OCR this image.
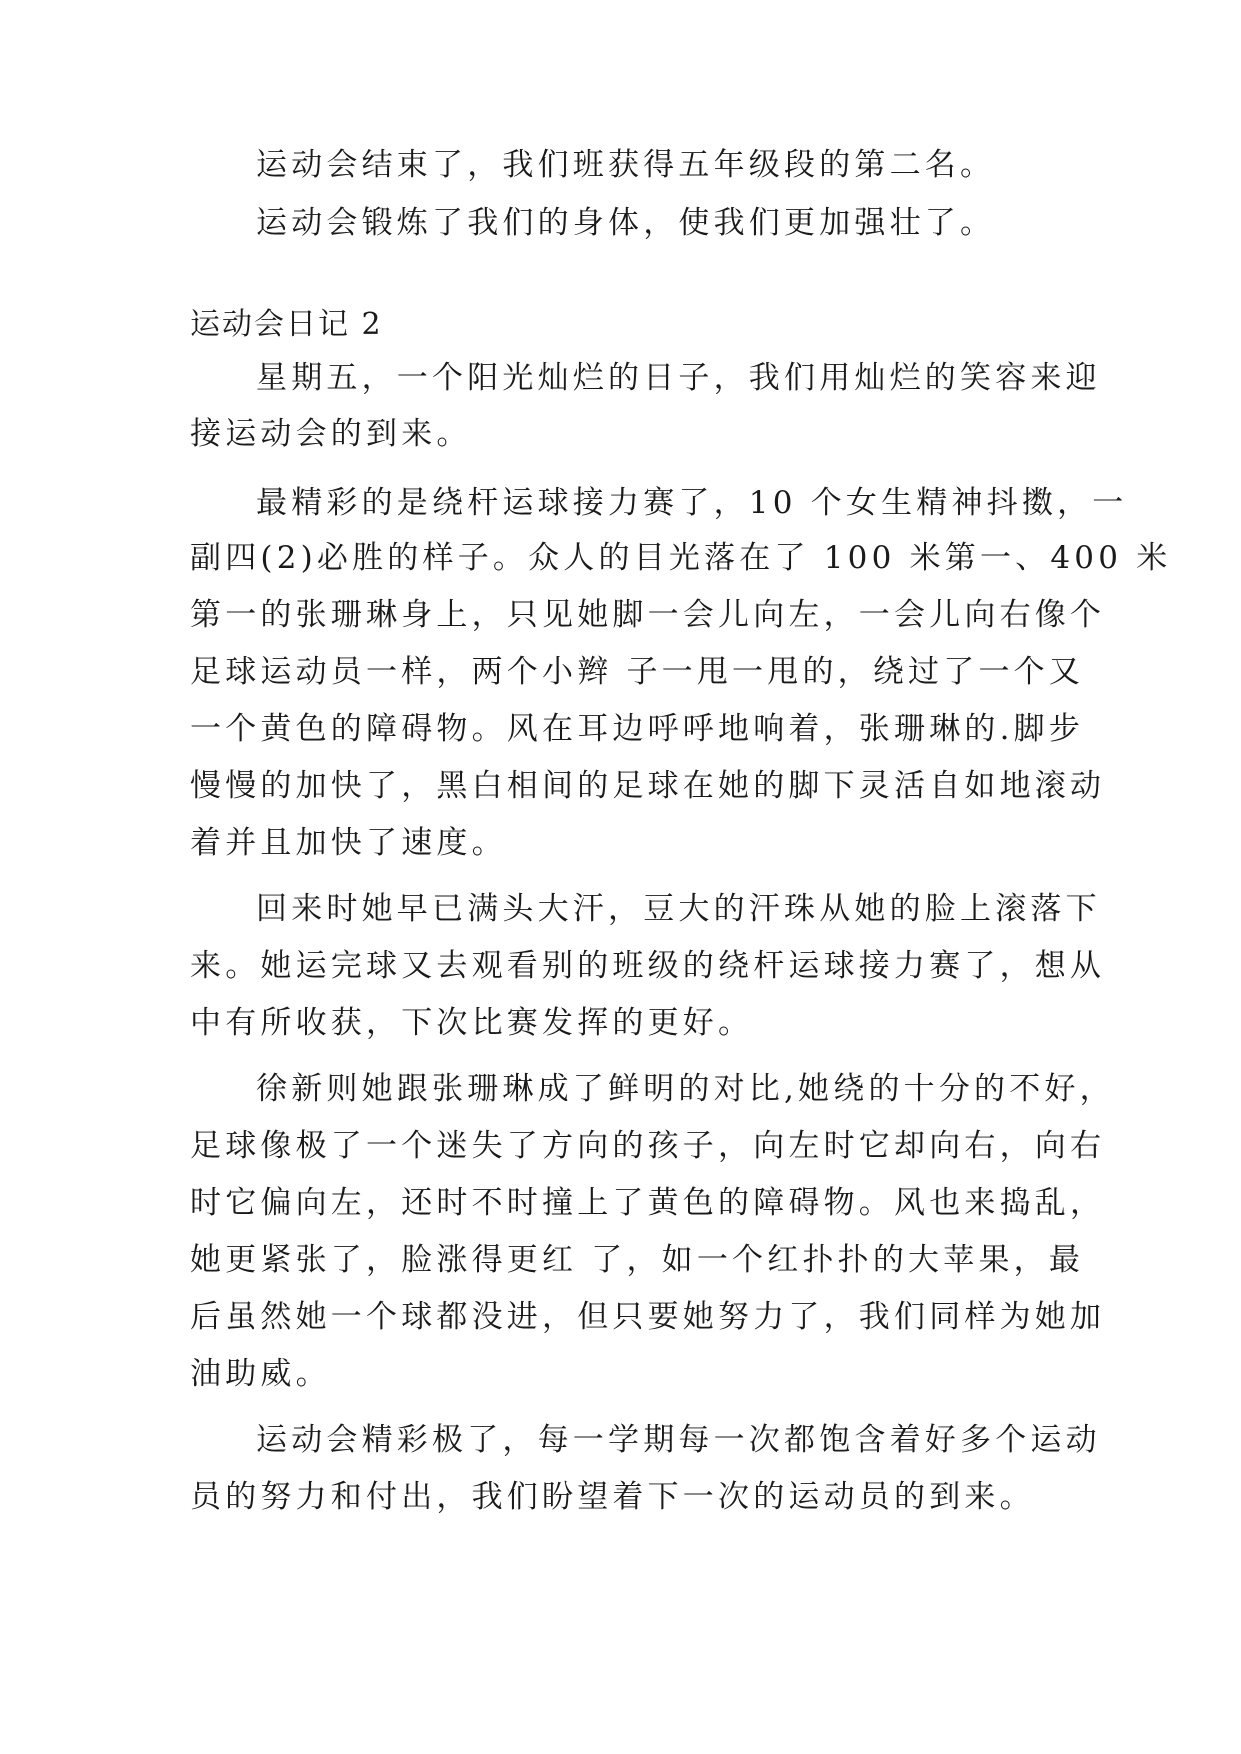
运动会结束了，我们班获得五年级段的第二名。
运动会锻炼了我们的身体，使我们更加强壮了。
运动会日记 2
星期五，一个阳光灿烂的日子，我们用灿烂的笑容来迎
接运动会的到来。
最精彩的是绕杆运球接力赛了，10 个女生精神抖擞，一
副四(2)必胜的样子。众人的目光落在了 100 米第一、400 米
第一的张珊琳身上，只见她脚一会儿向左，一会儿向右像个
足球运动员一样，两个小辫 子一甩一甩的，绕过了一个又
一个黄色的障碍物。风在耳边呼呼地响着，张珊琳的.脚步
慢慢的加快了，黑白相间的足球在她的脚下灵活自如地滚动
着并且加快了速度。
回来时她早已满头大汗，豆大的汗珠从她的脸上滚落下
来。她运完球又去观看别的班级的绕杆运球接力赛了，想从
中有所收获，下次比赛发挥的更好。
徐新则她跟张珊琳成了鲜明的对比,她绕的十分的不好，
足球像极了一个迷失了方向的孩子，向左时它却向右，向右
时它偏向左，还时不时撞上了黄色的障碍物。风也来捣乱，
她更紧张了，脸涨得更红 了，如一个红扑扑的大苹果，最
后虽然她一个球都没进，但只要她努力了，我们同样为她加
油助威。
运动会精彩极了，每一学期每一次都饱含着好多个运动
员的努力和付出，我们盼望着下一次的运动员的到来。
